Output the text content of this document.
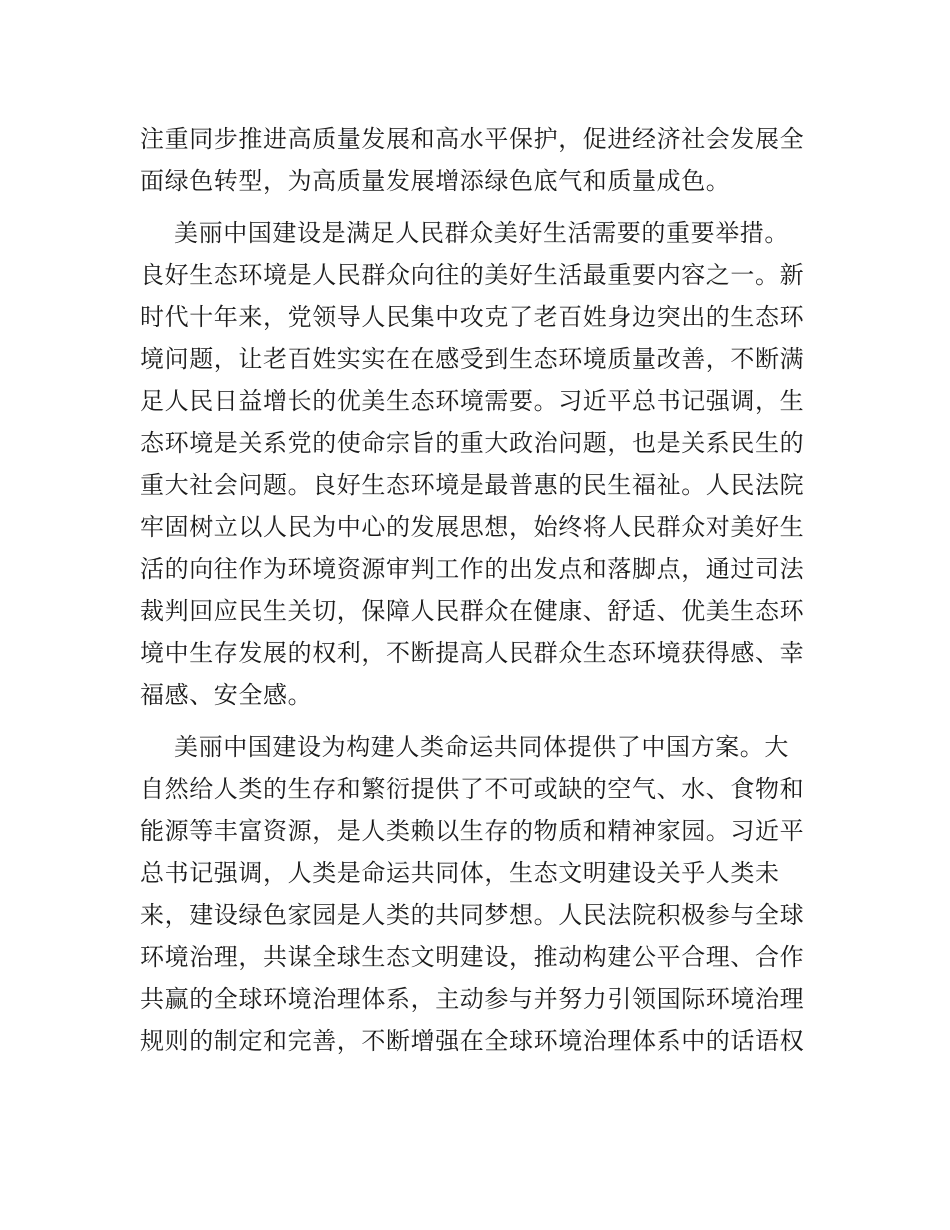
注重同步推进高质量发展和高水平保护，促进经济社会发展全
面绿色转型，为高质量发展增添绿色底气和质量成色。
美丽中国建设是满足人民群众美好生活需要的重要举措。
良好生态环境是人民群众向往的美好生活最重要内容之一。新
时代十年来，党领导人民集中攻克了老百姓身边突出的生态环
境问题，让老百姓实实在在感受到生态环境质量改善，不断满
足人民日益增长的优美生态环境需要。习近平总书记强调，生
态环境是关系党的使命宗旨的重大政治问题，也是关系民生的
重大社会问题。良好生态环境是最普惠的民生福祉。人民法院
牢固树立以人民为中心的发展思想，始终将人民群众对美好生
活的向往作为环境资源审判工作的出发点和落脚点，通过司法
裁判回应民生关切，保障人民群众在健康、舒适、优美生态环
境中生存发展的权利，不断提高人民群众生态环境获得感、幸
福感、安全感。
美丽中国建设为构建人类命运共同体提供了中国方案。大
自然给人类的生存和繁衍提供了不可或缺的空气、水、食物和
能源等丰富资源，是人类赖以生存的物质和精神家园。习近平
总书记强调，人类是命运共同体，生态文明建设关乎人类未
来，建设绿色家园是人类的共同梦想。人民法院积极参与全球
环境治理，共谋全球生态文明建设，推动构建公平合理、合作
共赢的全球环境治理体系，主动参与并努力引领国际环境治理
规则的制定和完善，不断增强在全球环境治理体系中的话语权
